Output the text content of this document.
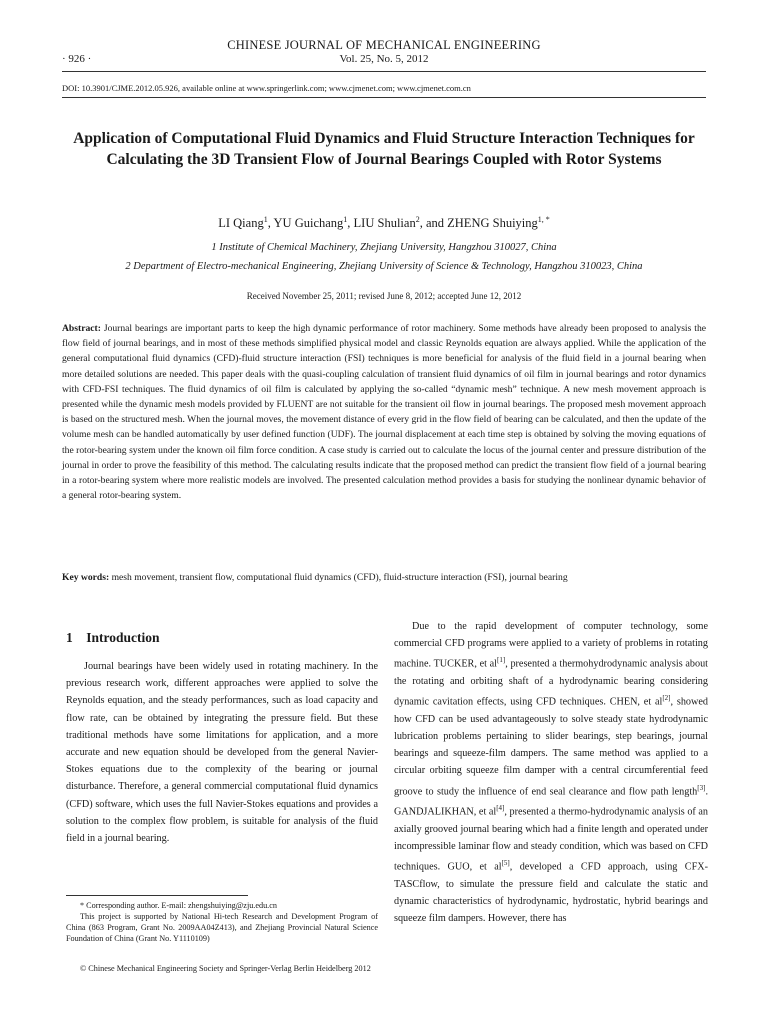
CHINESE JOURNAL OF MECHANICAL ENGINEERING
· 926 ·	Vol. 25, No. 5, 2012
DOI: 10.3901/CJME.2012.05.926, available online at www.springerlink.com; www.cjmenet.com; www.cjmenet.com.cn
Application of Computational Fluid Dynamics and Fluid Structure Interaction Techniques for Calculating the 3D Transient Flow of Journal Bearings Coupled with Rotor Systems
LI Qiang$^1$, YU Guichang$^1$, LIU Shulian$^2$, and ZHENG Shuiying$^{1, *}$
1 Institute of Chemical Machinery, Zhejiang University, Hangzhou 310027, China
2 Department of Electro-mechanical Engineering, Zhejiang University of Science & Technology, Hangzhou 310023, China
Received November 25, 2011; revised June 8, 2012; accepted June 12, 2012
Abstract: Journal bearings are important parts to keep the high dynamic performance of rotor machinery. Some methods have already been proposed to analysis the flow field of journal bearings, and in most of these methods simplified physical model and classic Reynolds equation are always applied. While the application of the general computational fluid dynamics (CFD)-fluid structure interaction (FSI) techniques is more beneficial for analysis of the fluid field in a journal bearing when more detailed solutions are needed. This paper deals with the quasi-coupling calculation of transient fluid dynamics of oil film in journal bearings and rotor dynamics with CFD-FSI techniques. The fluid dynamics of oil film is calculated by applying the so-called “dynamic mesh” technique. A new mesh movement approach is presented while the dynamic mesh models provided by FLUENT are not suitable for the transient oil flow in journal bearings. The proposed mesh movement approach is based on the structured mesh. When the journal moves, the movement distance of every grid in the flow field of bearing can be calculated, and then the update of the volume mesh can be handled automatically by user defined function (UDF). The journal displacement at each time step is obtained by solving the moving equations of the rotor-bearing system under the known oil film force condition. A case study is carried out to calculate the locus of the journal center and pressure distribution of the journal in order to prove the feasibility of this method. The calculating results indicate that the proposed method can predict the transient flow field of a journal bearing in a rotor-bearing system where more realistic models are involved. The presented calculation method provides a basis for studying the nonlinear dynamic behavior of a general rotor-bearing system.
Key words: mesh movement, transient flow, computational fluid dynamics (CFD), fluid-structure interaction (FSI), journal bearing
1 Introduction
Journal bearings have been widely used in rotating machinery. In the previous research work, different approaches were applied to solve the Reynolds equation, and the steady performances, such as load capacity and flow rate, can be obtained by integrating the pressure field. But these traditional methods have some limitations for application, and a more accurate and new equation should be developed from the general Navier-Stokes equations due to the complexity of the bearing or journal disturbance. Therefore, a general commercial computational fluid dynamics (CFD) software, which uses the full Navier-Stokes equations and provides a solution to the complex flow problem, is suitable for analysis of the fluid field in a journal bearing.
Due to the rapid development of computer technology, some commercial CFD programs were applied to a variety of problems in rotating machine. TUCKER, et al[1], presented a thermohydrodynamic analysis about the rotating and orbiting shaft of a hydrodynamic bearing considering dynamic cavitation effects, using CFD techniques. CHEN, et al[2], showed how CFD can be used advantageously to solve steady state hydrodynamic lubrication problems pertaining to slider bearings, step bearings, journal bearings and squeeze-film dampers. The same method was applied to a circular orbiting squeeze film damper with a central circumferential feed groove to study the influence of end seal clearance and flow path length[3]. GANDJALIKHAN, et al[4], presented a thermo-hydrodynamic analysis of an axially grooved journal bearing which had a finite length and operated under incompressible laminar flow and steady condition, which was based on CFD techniques. GUO, et al[5], developed a CFD approach, using CFX-TASCflow, to simulate the pressure field and calculate the static and dynamic characteristics of hydrodynamic, hydrostatic, hybrid bearings and squeeze film dampers. However, there has
* Corresponding author. E-mail: zhengshuiying@zju.edu.cn
This project is supported by National Hi-tech Research and Development Program of China (863 Program, Grant No. 2009AA04Z413), and Zhejiang Provincial Natural Science Foundation of China (Grant No. Y1110109)
© Chinese Mechanical Engineering Society and Springer-Verlag Berlin Heidelberg 2012
